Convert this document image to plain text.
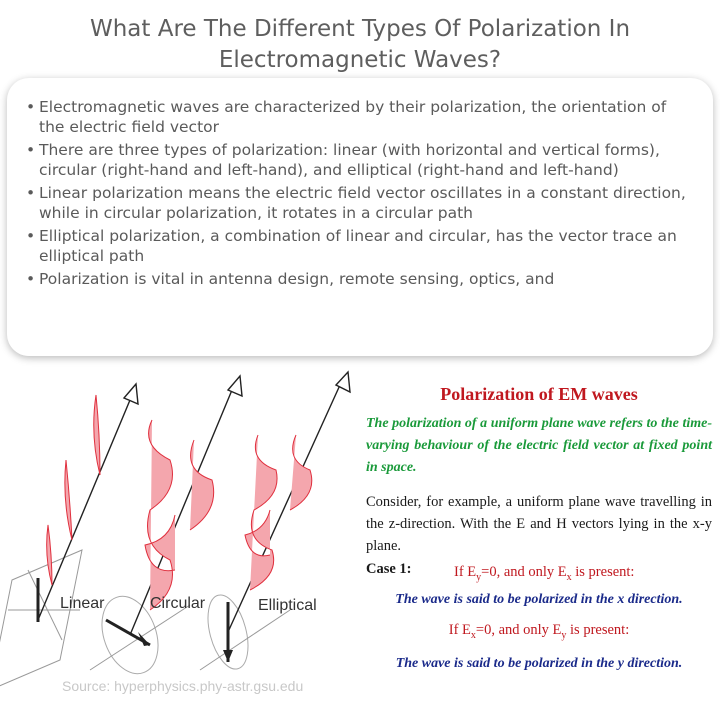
What Are The Different Types Of Polarization In Electromagnetic Waves?
• Electromagnetic waves are characterized by their polarization, the orientation of the electric field vector
• There are three types of polarization: linear (with horizontal and vertical forms), circular (right-hand and left-hand), and elliptical (right-hand and left-hand)
• Linear polarization means the electric field vector oscillates in a constant direction, while in circular polarization, it rotates in a circular path
• Elliptical polarization, a combination of linear and circular, has the vector trace an elliptical path
• Polarization is vital in antenna design, remote sensing, optics, and
Linear	Circular	Elliptical
Source: hyperphysics.phy-astr.gsu.edu
Polarization of EM waves

The polarization of a uniform plane wave refers to the time-varying behaviour of the electric field vector at fixed point in space.

Consider, for example, a uniform plane wave travelling in the z-direction. With the E and H vectors lying in the x-y plane.

Case 1:	If $E_y=0$, and only $E_x$ is present:
The wave is said to be polarized in the x direction.
If $E_x=0$, and only $E_y$ is present:
The wave is said to be polarized in the y direction.
